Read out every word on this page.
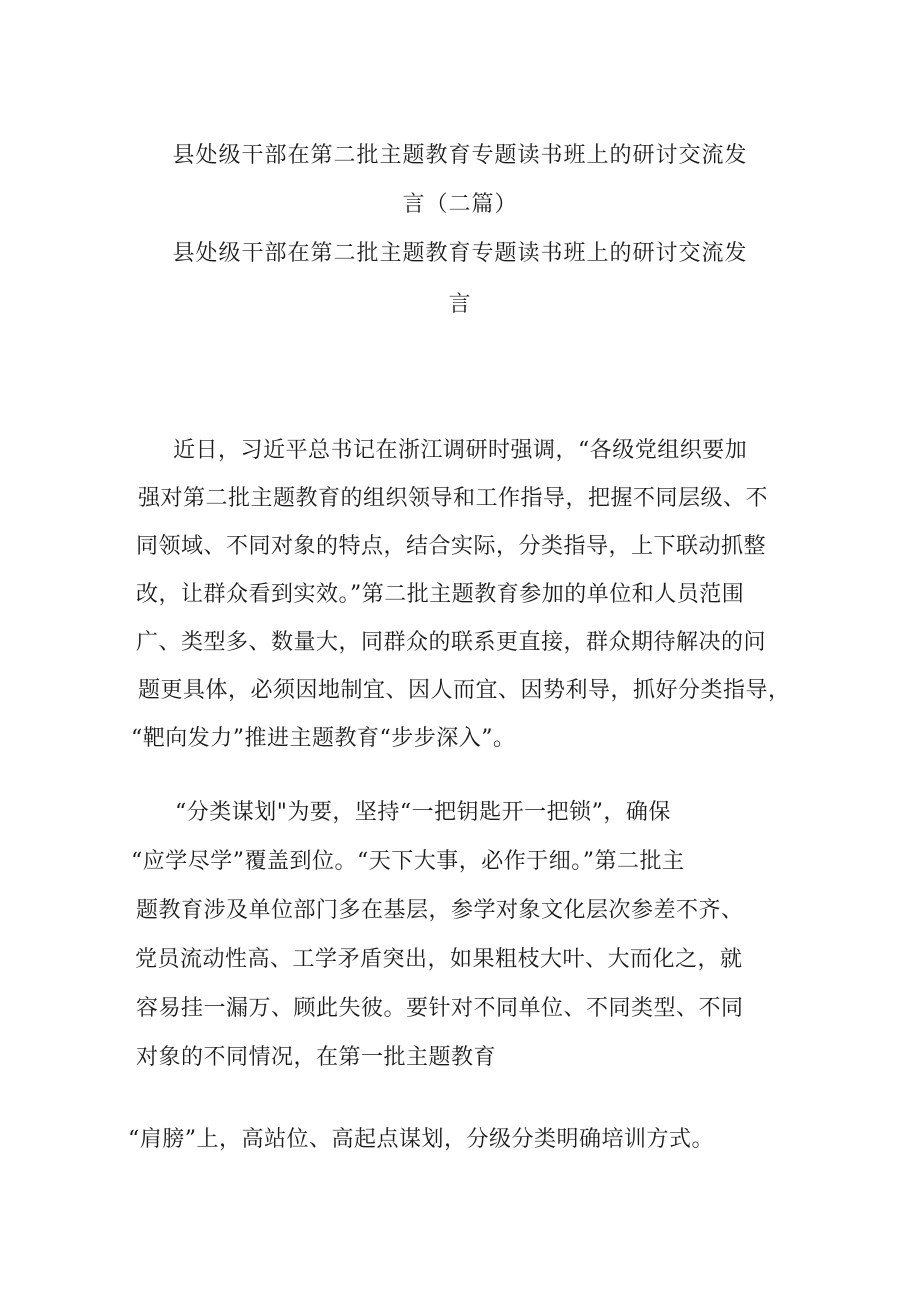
县处级干部在第二批主题教育专题读书班上的研讨交流发
言（二篇）
县处级干部在第二批主题教育专题读书班上的研讨交流发
言
近日，习近平总书记在浙江调研时强调，“各级党组织要加
强对第二批主题教育的组织领导和工作指导，把握不同层级、不
同领域、不同对象的特点，结合实际，分类指导，上下联动抓整
改，让群众看到实效。”第二批主题教育参加的单位和人员范围
广、类型多、数量大，同群众的联系更直接，群众期待解决的问
题更具体，必须因地制宜、因人而宜、因势利导，抓好分类指导，
“靶向发力”推进主题教育“步步深入”。
“分类谋划"为要，坚持“一把钥匙开一把锁”，确保
“应学尽学”覆盖到位。“天下大事，必作于细。”第二批主
题教育涉及单位部门多在基层，参学对象文化层次参差不齐、
党员流动性高、工学矛盾突出，如果粗枝大叶、大而化之，就
容易挂一漏万、顾此失彼。要针对不同单位、不同类型、不同
对象的不同情况，在第一批主题教育
“肩膀”上，高站位、高起点谋划，分级分类明确培训方式。
